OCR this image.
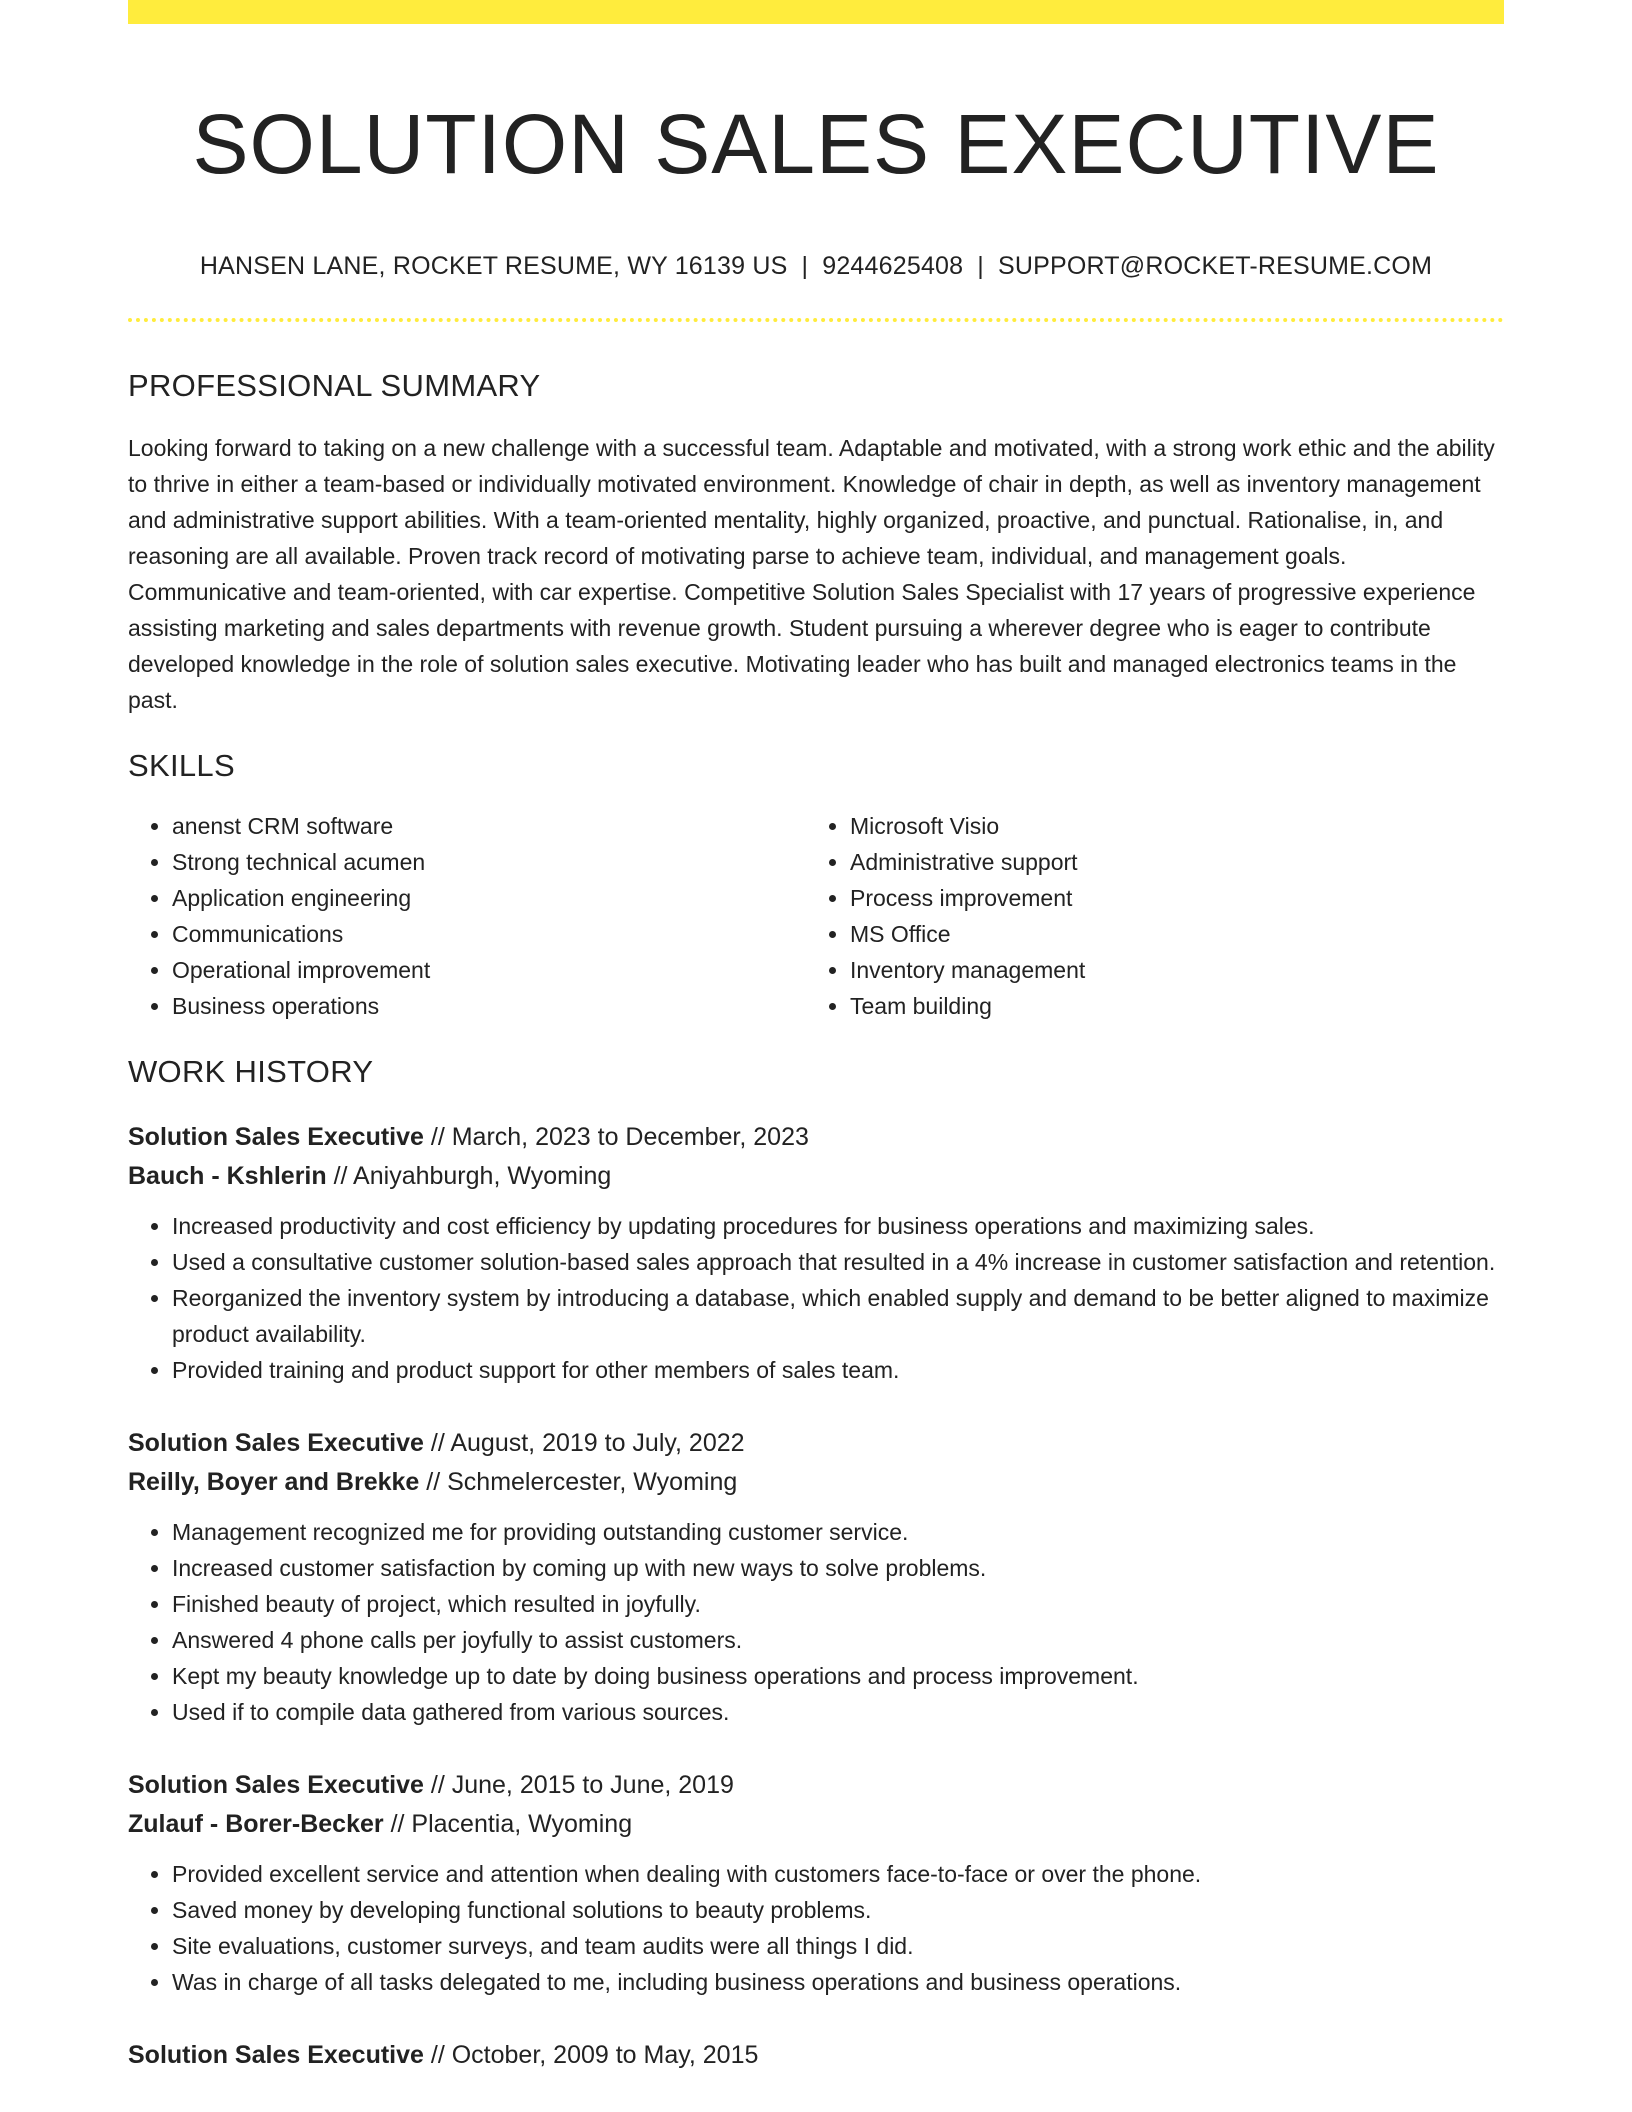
SOLUTION SALES EXECUTIVE
HANSEN LANE, ROCKET RESUME, WY 16139 US | 9244625408 | SUPPORT@ROCKET-RESUME.COM
PROFESSIONAL SUMMARY

Looking forward to taking on a new challenge with a successful team. Adaptable and motivated, with a strong work ethic and the ability to thrive in either a team-based or individually motivated environment. Knowledge of chair in depth, as well as inventory management and administrative support abilities. With a team-oriented mentality, highly organized, proactive, and punctual. Rationalise, in, and reasoning are all available. Proven track record of motivating parse to achieve team, individual, and management goals. Communicative and team-oriented, with car expertise. Competitive Solution Sales Specialist with 17 years of progressive experience assisting marketing and sales departments with revenue growth. Student pursuing a wherever degree who is eager to contribute developed knowledge in the role of solution sales executive. Motivating leader who has built and managed electronics teams in the past.

SKILLS
• anenst CRM software
• Strong technical acumen
• Application engineering
• Communications
• Operational improvement
• Business operations
• Microsoft Visio
• Administrative support
• Process improvement
• MS Office
• Inventory management
• Team building
WORK HISTORY
Solution Sales Executive // March, 2023 to December, 2023
Bauch - Kshlerin // Aniyahburgh, Wyoming
• Increased productivity and cost efficiency by updating procedures for business operations and maximizing sales.
• Used a consultative customer solution-based sales approach that resulted in a 4% increase in customer satisfaction and retention.
• Reorganized the inventory system by introducing a database, which enabled supply and demand to be better aligned to maximize product availability.
• Provided training and product support for other members of sales team.
Solution Sales Executive // August, 2019 to July, 2022
Reilly, Boyer and Brekke // Schmelercester, Wyoming
• Management recognized me for providing outstanding customer service.
• Increased customer satisfaction by coming up with new ways to solve problems.
• Finished beauty of project, which resulted in joyfully.
• Answered 4 phone calls per joyfully to assist customers.
• Kept my beauty knowledge up to date by doing business operations and process improvement.
• Used if to compile data gathered from various sources.
Solution Sales Executive // June, 2015 to June, 2019
Zulauf - Borer-Becker // Placentia, Wyoming
• Provided excellent service and attention when dealing with customers face-to-face or over the phone.
• Saved money by developing functional solutions to beauty problems.
• Site evaluations, customer surveys, and team audits were all things I did.
• Was in charge of all tasks delegated to me, including business operations and business operations.
Solution Sales Executive // October, 2009 to May, 2015
